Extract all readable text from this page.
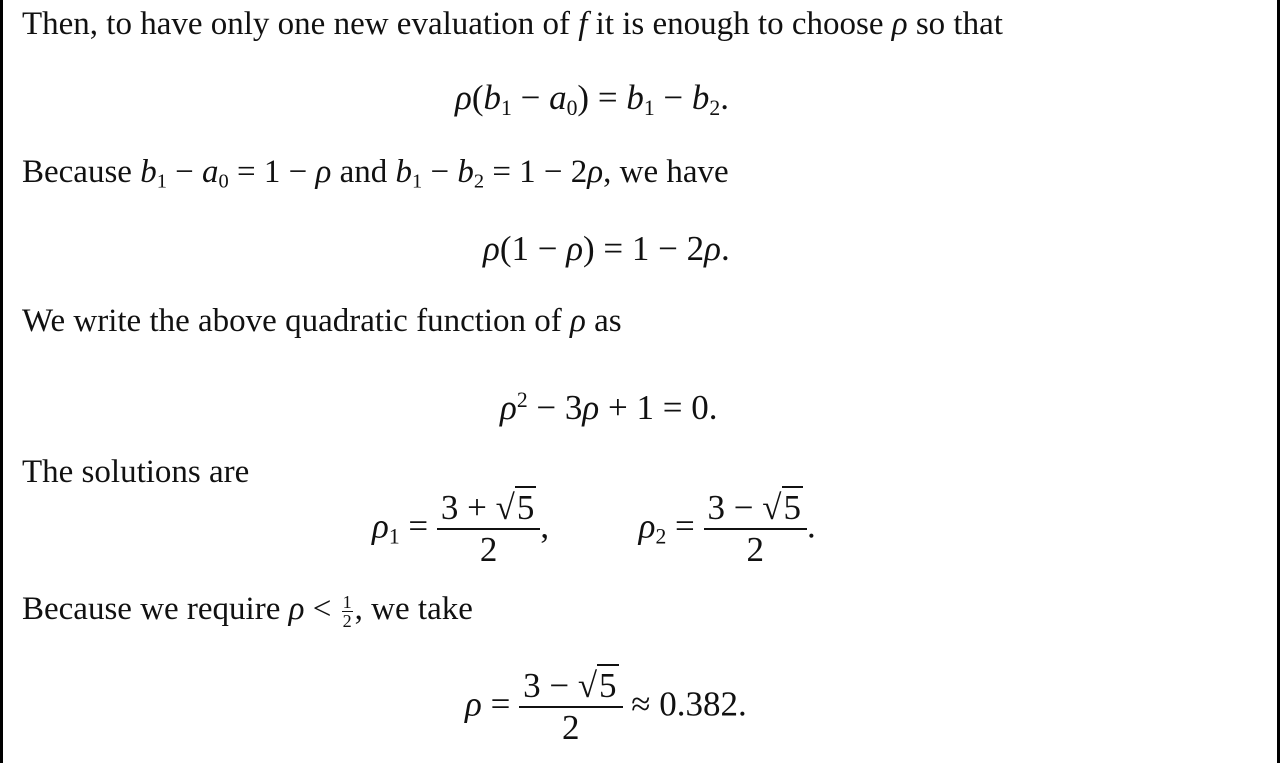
Then, to have only one new evaluation of f it is enough to choose ρ so that
$\rho(b_1 - a_0) = b_1 - b_2$.
Because $b_1 - a_0 = 1 - \rho$ and $b_1 - b_2 = 1 - 2\rho$, we have
ρ(1 − ρ) = 1 − 2ρ.
We write the above quadratic function of ρ as
$\rho^2 - 3\rho + 1 = 0$.
The solutions are
$\rho_1 = \frac{3 + √5}{2}$ ,	$\rho_2 = \frac{3 - √5}{2}$ .
Because we require $\rho < \frac{1}{2}$ , we take
$\rho = \frac{3 - √5}{2} \approx 0.382$.
